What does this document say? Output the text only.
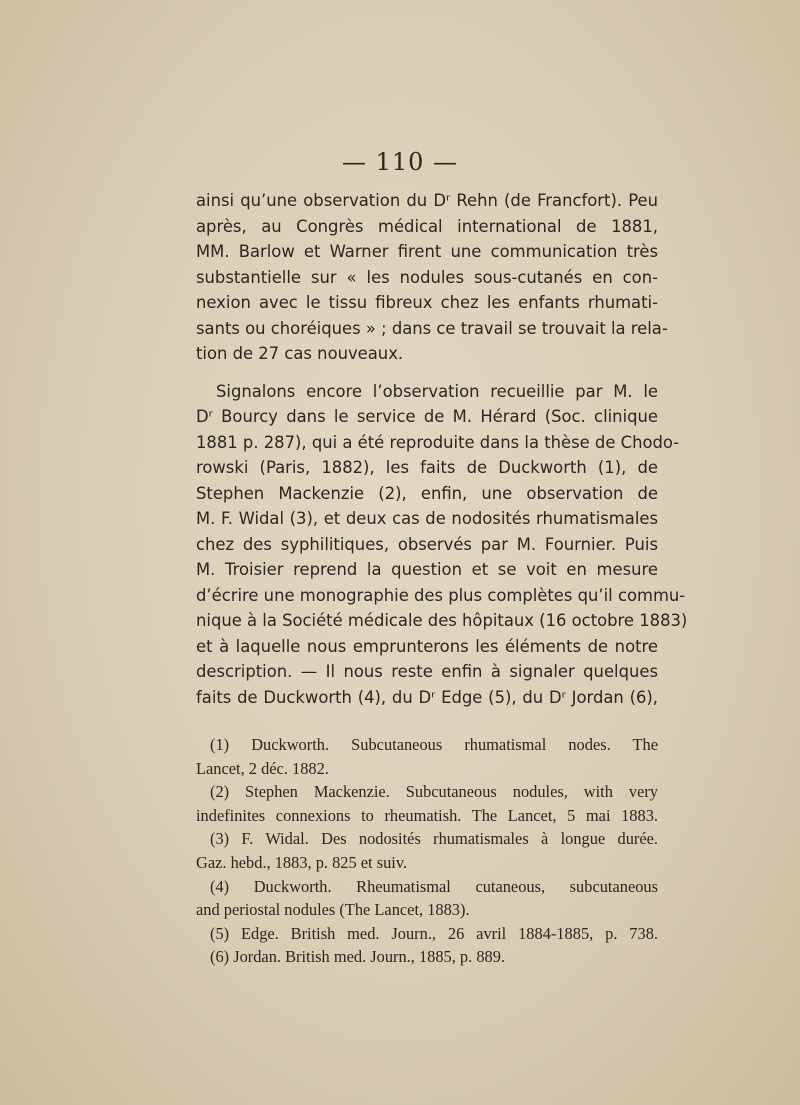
— 110 —

ainsi qu’une observation du Dʳ Rehn (de Francfort). Peu
après, au Congrès médical international de 1881,
MM. Barlow et Warner firent une communication très
substantielle sur « les nodules sous-cutanés en con-
nexion avec le tissu fibreux chez les enfants rhumati-
sants ou choréiques » ; dans ce travail se trouvait la rela-
tion de 27 cas nouveaux.

Signalons encore l’observation recueillie par M. le
Dʳ Bourcy dans le service de M. Hérard (Soc. clinique
1881 p. 287), qui a été reproduite dans la thèse de Chodo-
rowski (Paris, 1882), les faits de Duckworth (1), de
Stephen Mackenzie (2), enfin, une observation de
M. F. Widal (3), et deux cas de nodosités rhumatismales
chez des syphilitiques, observés par M. Fournier. Puis
M. Troisier reprend la question et se voit en mesure
d’écrire une monographie des plus complètes qu’il commu-
nique à la Société médicale des hôpitaux (16 octobre 1883)
et à laquelle nous emprunterons les éléments de notre
description. — Il nous reste enfin à signaler quelques
faits de Duckworth (4), du Dʳ Edge (5), du Dʳ Jordan (6),

(1) Duckworth. Subcutaneous rhumatismal nodes. The
Lancet, 2 déc. 1882.

(2) Stephen Mackenzie. Subcutaneous nodules, with very
indefinites connexions to rheumatish. The Lancet, 5 mai 1883.

(3) F. Widal. Des nodosités rhumatismales à longue durée.
Gaz. hebd., 1883, p. 825 et suiv.

(4) Duckworth. Rheumatismal cutaneous, subcutaneous
and periostal nodules (The Lancet, 1883).

(5) Edge. British med. Journ., 26 avril 1884-1885, p. 738.

(6) Jordan. British med. Journ., 1885, p. 889.
